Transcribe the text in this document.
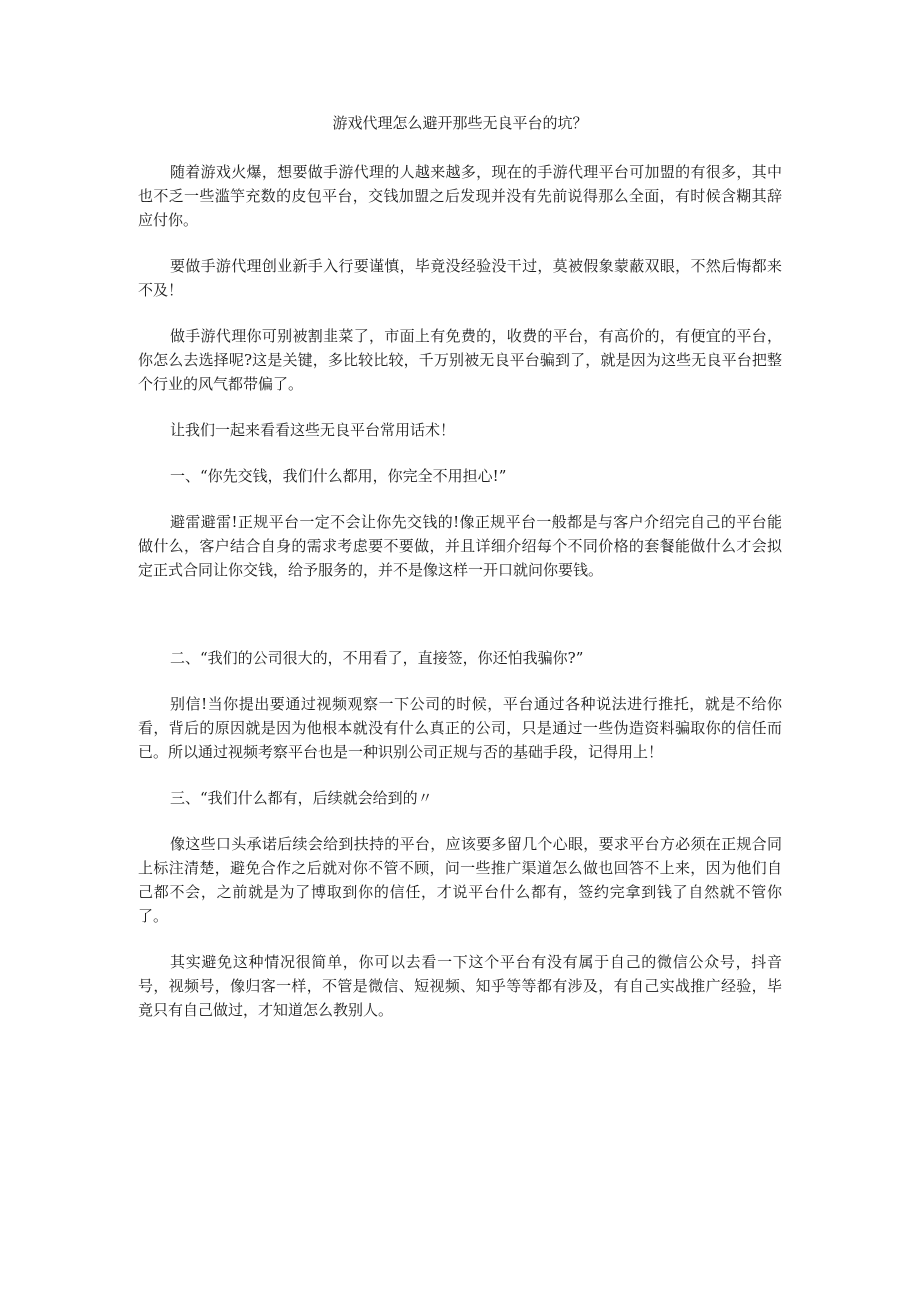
游戏代理怎么避开那些无良平台的坑？

随着游戏火爆，想要做手游代理的人越来越多，现在的手游代理平台可加盟的有很多，其中也不乏一些滥竽充数的皮包平台，交钱加盟之后发现并没有先前说得那么全面，有时候含糊其辞应付你。

要做手游代理创业新手入行要谨慎，毕竟没经验没干过，莫被假象蒙蔽双眼，不然后悔都来不及！

做手游代理你可别被割韭菜了，市面上有免费的，收费的平台，有高价的，有便宜的平台，你怎么去选择呢?这是关键，多比较比较，千万别被无良平台骗到了，就是因为这些无良平台把整个行业的风气都带偏了。

让我们一起来看看这些无良平台常用话术！

一、“你先交钱，我们什么都用，你完全不用担心!”

避雷避雷!正规平台一定不会让你先交钱的!像正规平台一般都是与客户介绍完自己的平台能做什么，客户结合自身的需求考虑要不要做，并且详细介绍每个不同价格的套餐能做什么才会拟定正式合同让你交钱，给予服务的，并不是像这样一开口就问你要钱。

二、“我们的公司很大的，不用看了，直接签，你还怕我骗你?”

别信!当你提出要通过视频观察一下公司的时候，平台通过各种说法进行推托，就是不给你看，背后的原因就是因为他根本就没有什么真正的公司，只是通过一些伪造资料骗取你的信任而已。所以通过视频考察平台也是一种识别公司正规与否的基础手段，记得用上！

三、“我们什么都有，后续就会给到的〃

像这些口头承诺后续会给到扶持的平台，应该要多留几个心眼，要求平台方必须在正规合同上标注清楚，避免合作之后就对你不管不顾，问一些推广渠道怎么做也回答不上来，因为他们自己都不会，之前就是为了博取到你的信任，才说平台什么都有，签约完拿到钱了自然就不管你了。

其实避免这种情况很简单，你可以去看一下这个平台有没有属于自己的微信公众号，抖音号，视频号，像归客一样，不管是微信、短视频、知乎等等都有涉及，有自己实战推广经验，毕竟只有自己做过，才知道怎么教别人。
